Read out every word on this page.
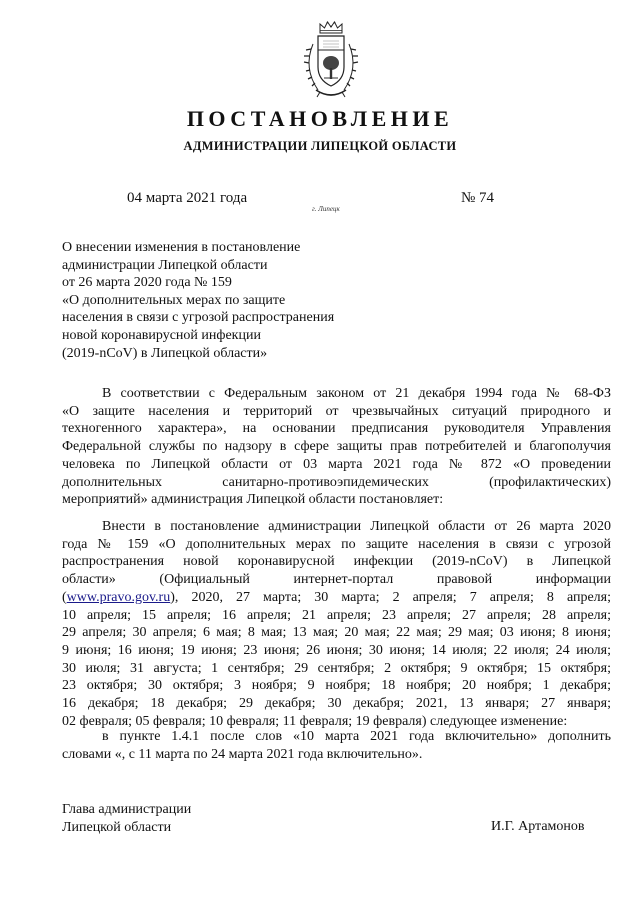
ПОСТАНОВЛЕНИЕ
АДМИНИСТРАЦИИ ЛИПЕЦКОЙ ОБЛАСТИ
04 марта 2021 года
г. Липецк
№ 74
О внесении изменения в постановление
администрации Липецкой области
от 26 марта 2020 года № 159
«О дополнительных мерах по защите
населения в связи с угрозой распространения
новой коронавирусной инфекции
(2019-nCoV) в Липецкой области»
В соответствии с Федеральным законом от 21 декабря 1994 года № 68-ФЗ
«О защите населения и территорий от чрезвычайных ситуаций природного и
техногенного характера», на основании предписания руководителя Управления
Федеральной службы по надзору в сфере защиты прав потребителей и благополучия
человека по Липецкой области от 03 марта 2021 года № 872 «О проведении
дополнительных санитарно-противоэпидемических (профилактических)
мероприятий» администрация Липецкой области постановляет:
Внести в постановление администрации Липецкой области от 26 марта 2020
года № 159 «О дополнительных мерах по защите населения в связи с угрозой
распространения новой коронавирусной инфекции (2019-nCoV) в Липецкой
области» (Официальный интернет-портал правовой информации
(www.pravo.gov.ru), 2020, 27 марта; 30 марта; 2 апреля; 7 апреля; 8 апреля;
10 апреля; 15 апреля; 16 апреля; 21 апреля; 23 апреля; 27 апреля; 28 апреля;
29 апреля; 30 апреля; 6 мая; 8 мая; 13 мая; 20 мая; 22 мая; 29 мая; 03 июня; 8 июня;
9 июня; 16 июня; 19 июня; 23 июня; 26 июня; 30 июня; 14 июля; 22 июля; 24 июля;
30 июля; 31 августа; 1 сентября; 29 сентября; 2 октября; 9 октября; 15 октября;
23 октября; 30 октября; 3 ноября; 9 ноября; 18 ноября; 20 ноября; 1 декабря;
16 декабря; 18 декабря; 29 декабря; 30 декабря; 2021, 13 января; 27 января;
02 февраля; 05 февраля; 10 февраля; 11 февраля; 19 февраля) следующее изменение:
в пункте 1.4.1 после слов «10 марта 2021 года включительно» дополнить
словами «, с 11 марта по 24 марта 2021 года включительно».
Глава администрации
Липецкой области	И.Г. Артамонов
